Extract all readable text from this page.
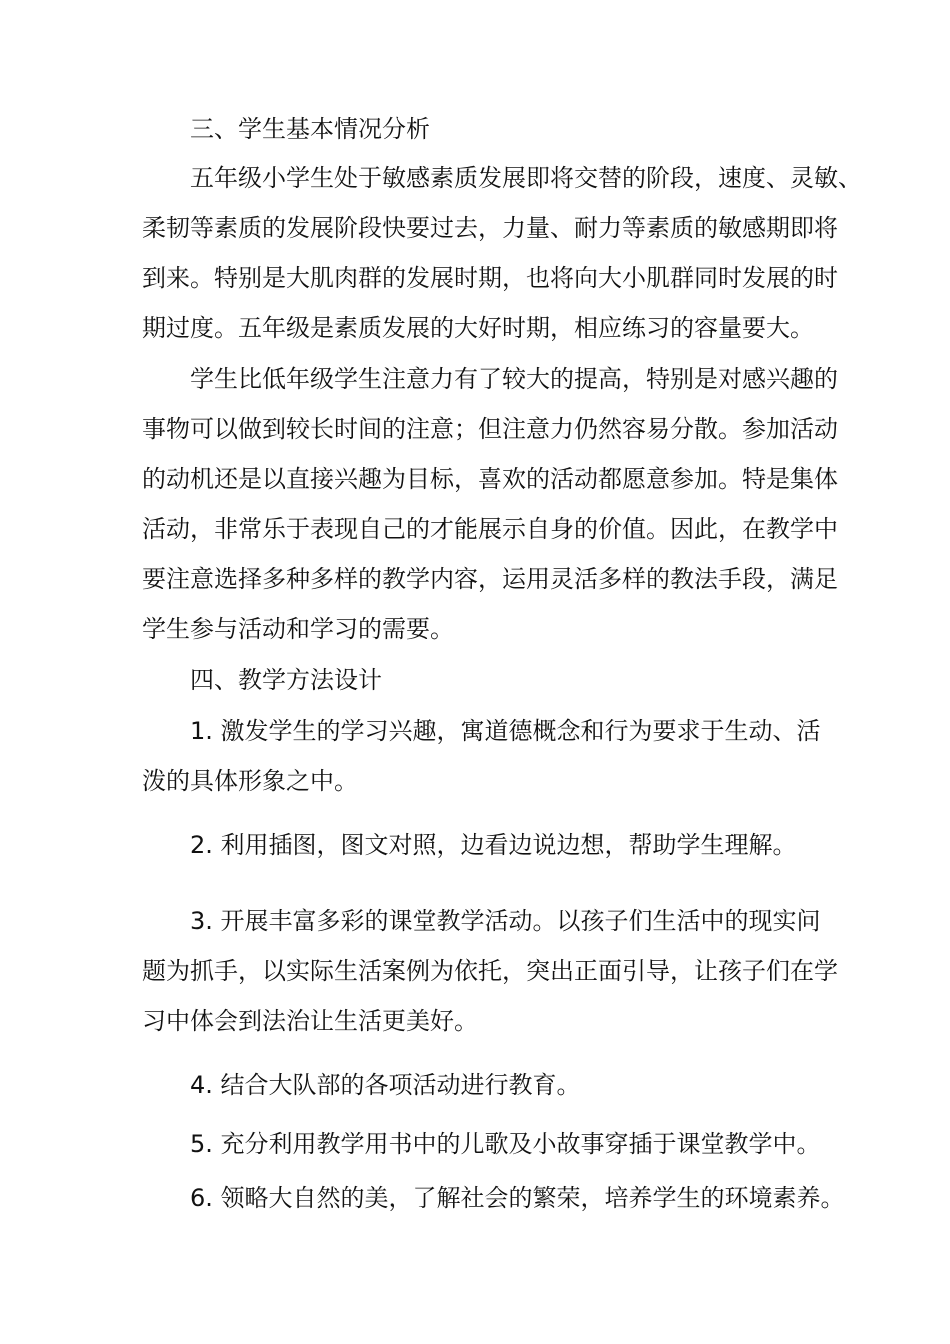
三、学生基本情况分析
五年级小学生处于敏感素质发展即将交替的阶段，速度、灵敏、
柔韧等素质的发展阶段快要过去，力量、耐力等素质的敏感期即将
到来。特别是大肌肉群的发展时期，也将向大小肌群同时发展的时
期过度。五年级是素质发展的大好时期，相应练习的容量要大。
学生比低年级学生注意力有了较大的提高，特别是对感兴趣的
事物可以做到较长时间的注意；但注意力仍然容易分散。参加活动
的动机还是以直接兴趣为目标，喜欢的活动都愿意参加。特是集体
活动，非常乐于表现自己的才能展示自身的价值。因此，在教学中
要注意选择多种多样的教学内容，运用灵活多样的教法手段，满足
学生参与活动和学习的需要。
四、教学方法设计
1. 激发学生的学习兴趣，寓道德概念和行为要求于生动、活
泼的具体形象之中。
2. 利用插图，图文对照，边看边说边想，帮助学生理解。
3. 开展丰富多彩的课堂教学活动。以孩子们生活中的现实问
题为抓手，以实际生活案例为依托，突出正面引导，让孩子们在学
习中体会到法治让生活更美好。
4. 结合大队部的各项活动进行教育。
5. 充分利用教学用书中的儿歌及小故事穿插于课堂教学中。
6. 领略大自然的美，了解社会的繁荣，培养学生的环境素养。
